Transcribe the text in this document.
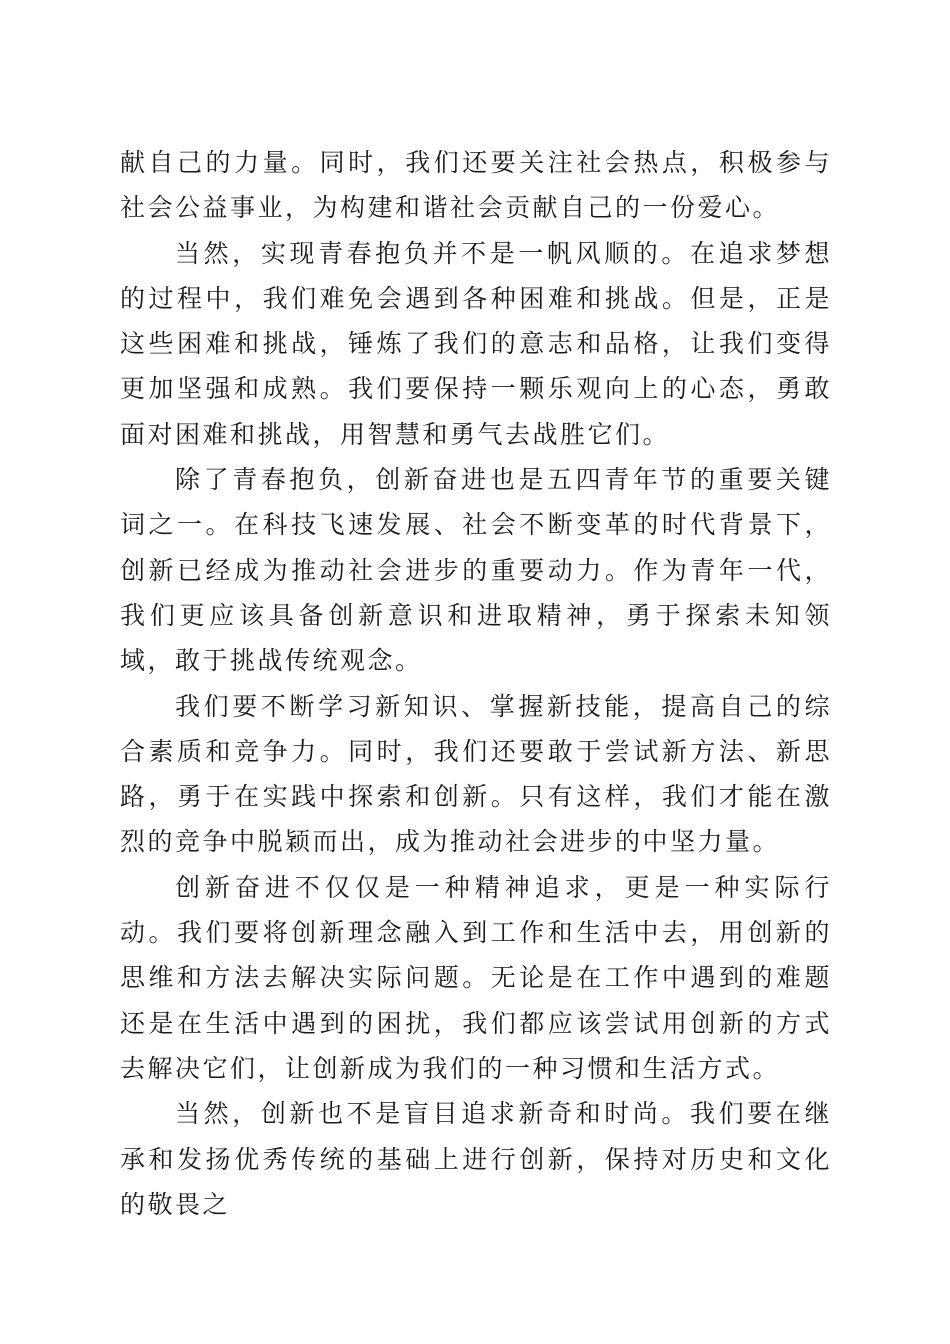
献自己的力量。同时，我们还要关注社会热点，积极参与社会公益事业，为构建和谐社会贡献自己的一份爱心。

当然，实现青春抱负并不是一帆风顺的。在追求梦想的过程中，我们难免会遇到各种困难和挑战。但是，正是这些困难和挑战，锤炼了我们的意志和品格，让我们变得更加坚强和成熟。我们要保持一颗乐观向上的心态，勇敢面对困难和挑战，用智慧和勇气去战胜它们。

除了青春抱负，创新奋进也是五四青年节的重要关键词之一。在科技飞速发展、社会不断变革的时代背景下，创新已经成为推动社会进步的重要动力。作为青年一代，我们更应该具备创新意识和进取精神，勇于探索未知领域，敢于挑战传统观念。

我们要不断学习新知识、掌握新技能，提高自己的综合素质和竞争力。同时，我们还要敢于尝试新方法、新思路，勇于在实践中探索和创新。只有这样，我们才能在激烈的竞争中脱颖而出，成为推动社会进步的中坚力量。

创新奋进不仅仅是一种精神追求，更是一种实际行动。我们要将创新理念融入到工作和生活中去，用创新的思维和方法去解决实际问题。无论是在工作中遇到的难题还是在生活中遇到的困扰，我们都应该尝试用创新的方式去解决它们，让创新成为我们的一种习惯和生活方式。

当然，创新也不是盲目追求新奇和时尚。我们要在继承和发扬优秀传统的基础上进行创新，保持对历史和文化的敬畏之
